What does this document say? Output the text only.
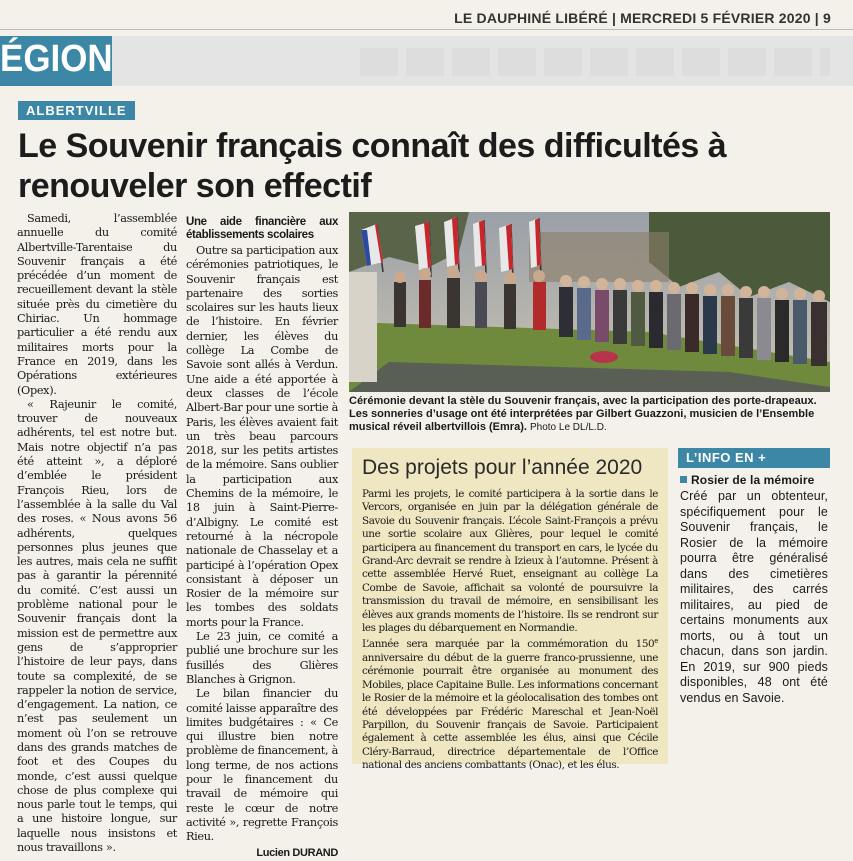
LE DAUPHINÉ LIBÉRÉ | MERCREDI 5 FÉVRIER 2020 | 9
ÉGION
ALBERTVILLE
Le Souvenir français connaît des difficultés à renouveler son effectif

Samedi, l’assemblée annuelle du comité Albertville-Tarentaise du Souvenir français a été précédée d’un moment de recueillement devant la stèle située près du cimetière du Chiriac. Un hommage particulier a été rendu aux militaires morts pour la France en 2019, dans les Opérations extérieures (Opex).

« Rajeunir le comité, trouver de nouveaux adhérents, tel est notre but. Mais notre objectif n’a pas été atteint », a déploré d’emblée le président François Rieu, lors de l’assemblée à la salle du Val des roses. « Nous avons 56 adhérents, quelques personnes plus jeunes que les autres, mais cela ne suffit pas à garantir la pérennité du comité. C’est aussi un problème national pour le Souvenir français dont la mission est de permettre aux gens de s’approprier l’histoire de leur pays, dans toute sa complexité, de se rappeler la notion de service, d’engagement. La nation, ce n’est pas seulement un moment où l’on se retrouve dans des grands matches de foot et des Coupes du monde, c’est aussi quelque chose de plus complexe qui nous parle tout le temps, qui a une histoire longue, sur laquelle nous insistons et nous travaillons ».

Une aide financière aux établissements scolaires

Outre sa participation aux cérémonies patriotiques, le Souvenir français est partenaire des sorties scolaires sur les hauts lieux de l’histoire. En février dernier, les élèves du collège La Combe de Savoie sont allés à Verdun. Une aide a été apportée à deux classes de l’école Albert-Bar pour une sortie à Paris, les élèves avaient fait un très beau parcours 2018, sur les petits artistes de la mémoire. Sans oublier la participation aux Chemins de la mémoire, le 18 juin à Saint-Pierre-d’Albigny. Le comité est retourné à la nécropole nationale de Chasselay et a participé à l’opération Opex consistant à déposer un Rosier de la mémoire sur les tombes des soldats morts pour la France.

Le 23 juin, ce comité a publié une brochure sur les fusillés des Glières Blanches à Grignon.

Le bilan financier du comité laisse apparaître des limites budgétaires : « Ce qui illustre bien notre problème de financement, à long terme, de nos actions pour le financement du travail de mémoire qui reste le cœur de notre activité », regrette François Rieu.

Lucien DURAND
Cérémonie devant la stèle du Souvenir français, avec la participation des porte-drapeaux. Les sonneries d’usage ont été interprétées par Gilbert Guazzoni, musicien de l’Ensemble musical réveil albertvillois (Emra). Photo Le DL/L.D.
Des projets pour l’année 2020

Parmi les projets, le comité participera à la sortie dans le Vercors, organisée en juin par la délégation générale de Savoie du Souvenir français. L’école Saint-François a prévu une sortie scolaire aux Glières, pour lequel le comité participera au financement du transport en cars, le lycée du Grand-Arc devrait se rendre à Izieux à l’automne. Présent à cette assemblée Hervé Ruet, enseignant au collège La Combe de Savoie, affichait sa volonté de poursuivre la transmission du travail de mémoire, en sensibilisant les élèves aux grands moments de l’histoire. Ils se rendront sur les plages du débarquement en Normandie.

L’année sera marquée par la commémoration du 150e anniversaire du début de la guerre franco-prussienne, une cérémonie pourrait être organisée au monument des Mobiles, place Capitaine Bulle. Les informations concernant le Rosier de la mémoire et la géolocalisation des tombes ont été développées par Frédéric Mareschal et Jean-Noël Parpillon, du Souvenir français de Savoie. Participaient également à cette assemblée les élus, ainsi que Cécile Cléry-Barraud, directrice départementale de l’Office national des anciens combattants (Onac), et les élus.

L’INFO EN +
Rosier de la mémoire
Créé par un obtenteur, spécifiquement pour le Souvenir français, le Rosier de la mémoire pourra être généralisé dans des cimetières militaires, des carrés militaires, au pied de certains monuments aux morts, ou à tout un chacun, dans son jardin. En 2019, sur 900 pieds disponibles, 48 ont été vendus en Savoie.
